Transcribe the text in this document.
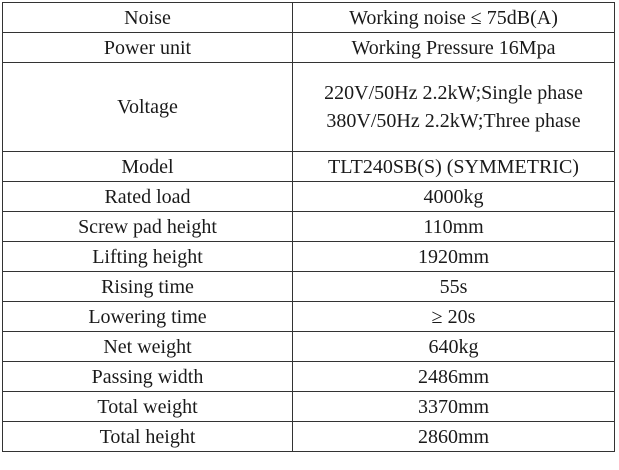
Noise	Working noise ≤ 75dB(A)
Power unit	Working Pressure 16Mpa
Voltage	220V/50Hz 2.2kW;Single phase
380V/50Hz 2.2kW;Three phase

Model	TLT240SB(S) (SYMMETRIC)
Rated load	4000kg
Screw pad height	110mm
Lifting height	1920mm
Rising time	55s
Lowering time	≥ 20s
Net weight	640kg
Passing width	2486mm
Total weight	3370mm
Total height	2860mm
